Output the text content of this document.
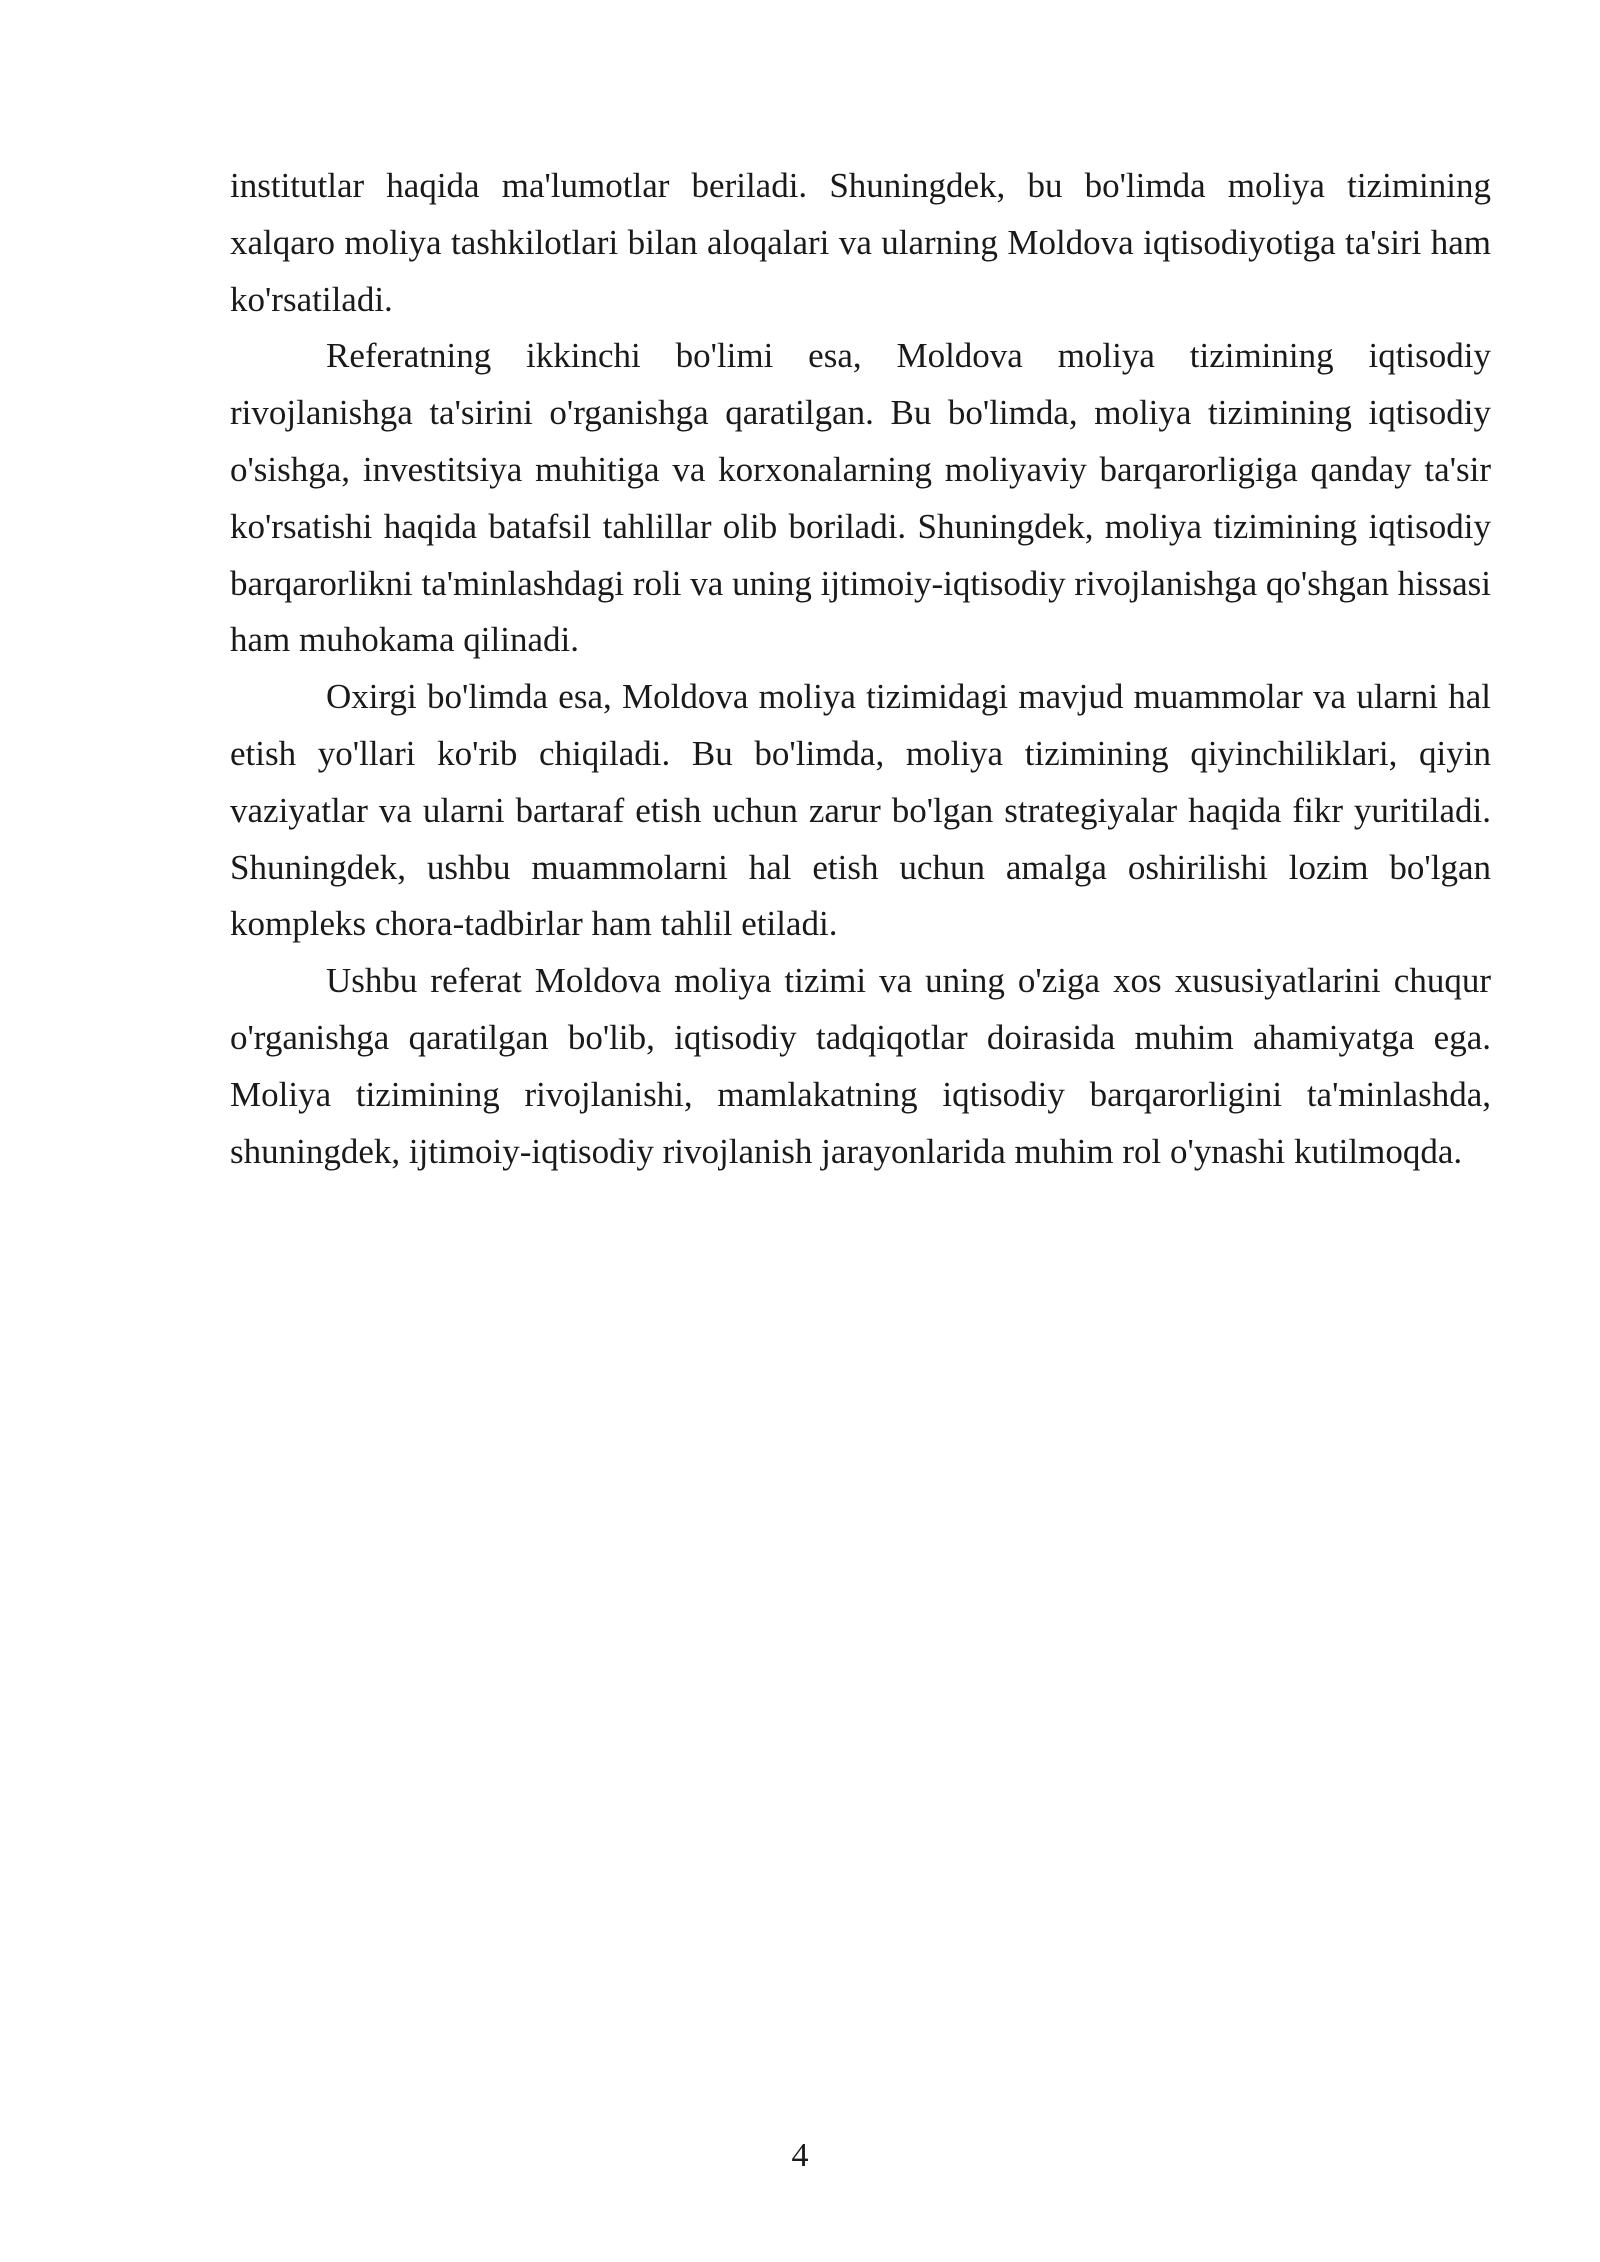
institutlar haqida ma'lumotlar beriladi. Shuningdek, bu bo'limda moliya tizimining xalqaro moliya tashkilotlari bilan aloqalari va ularning Moldova iqtisodiyotiga ta'siri ham ko'rsatiladi.

Referatning ikkinchi bo'limi esa, Moldova moliya tizimining iqtisodiy rivojlanishga ta'sirini o'rganishga qaratilgan. Bu bo'limda, moliya tizimining iqtisodiy o'sishga, investitsiya muhitiga va korxonalarning moliyaviy barqarorligiga qanday ta'sir ko'rsatishi haqida batafsil tahlillar olib boriladi. Shuningdek, moliya tizimining iqtisodiy barqarorlikni ta'minlashdagi roli va uning ijtimoiy-iqtisodiy rivojlanishga qo'shgan hissasi ham muhokama qilinadi.

Oxirgi bo'limda esa, Moldova moliya tizimidagi mavjud muammolar va ularni hal etish yo'llari ko'rib chiqiladi. Bu bo'limda, moliya tizimining qiyinchiliklari, qiyin vaziyatlar va ularni bartaraf etish uchun zarur bo'lgan strategiyalar haqida fikr yuritiladi. Shuningdek, ushbu muammolarni hal etish uchun amalga oshirilishi lozim bo'lgan kompleks chora-tadbirlar ham tahlil etiladi.

Ushbu referat Moldova moliya tizimi va uning o'ziga xos xususiyatlarini chuqur o'rganishga qaratilgan bo'lib, iqtisodiy tadqiqotlar doirasida muhim ahamiyatga ega. Moliya tizimining rivojlanishi, mamlakatning iqtisodiy barqarorligini ta'minlashda, shuningdek, ijtimoiy-iqtisodiy rivojlanish jarayonlarida muhim rol o'ynashi kutilmoqda.

4
